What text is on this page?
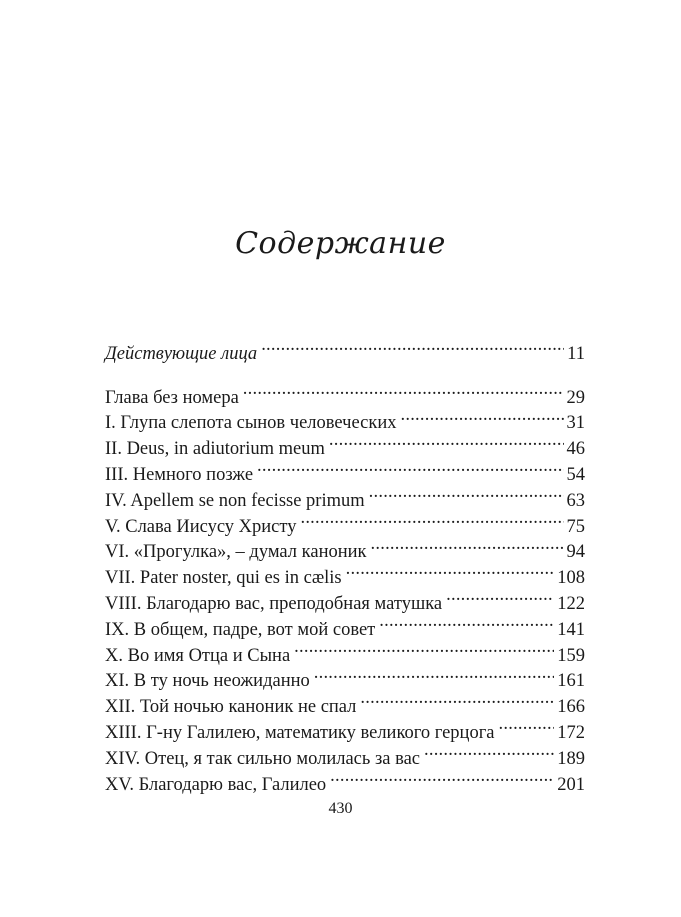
Содержание
Действующие лица . . .	11
Глава без номера . . .	29
I. Глупа слепота сынов человеческих . . .	31
II. Deus, in adiutorium meum . . .	46
III. Немного позже . . .	54
IV. Apellem se non fecisse primum . . .	63
V. Слава Иисусу Христу . . .	75
VI. «Прогулка», – думал каноник . . .	94
VII. Pater noster, qui es in cælis . . .	108
VIII. Благодарю вас, преподобная матушка . . .	122
IX. В общем, падре, вот мой совет . . .	141
X. Во имя Отца и Сына . . .	159
XI. В ту ночь неожиданно . . .	161
XII. Той ночью каноник не спал . . .	166
XIII. Г-ну Галилею, математику великого герцога . . .	172
XIV. Отец, я так сильно молилась за вас . . .	189
XV. Благодарю вас, Галилео . . .	201
430
